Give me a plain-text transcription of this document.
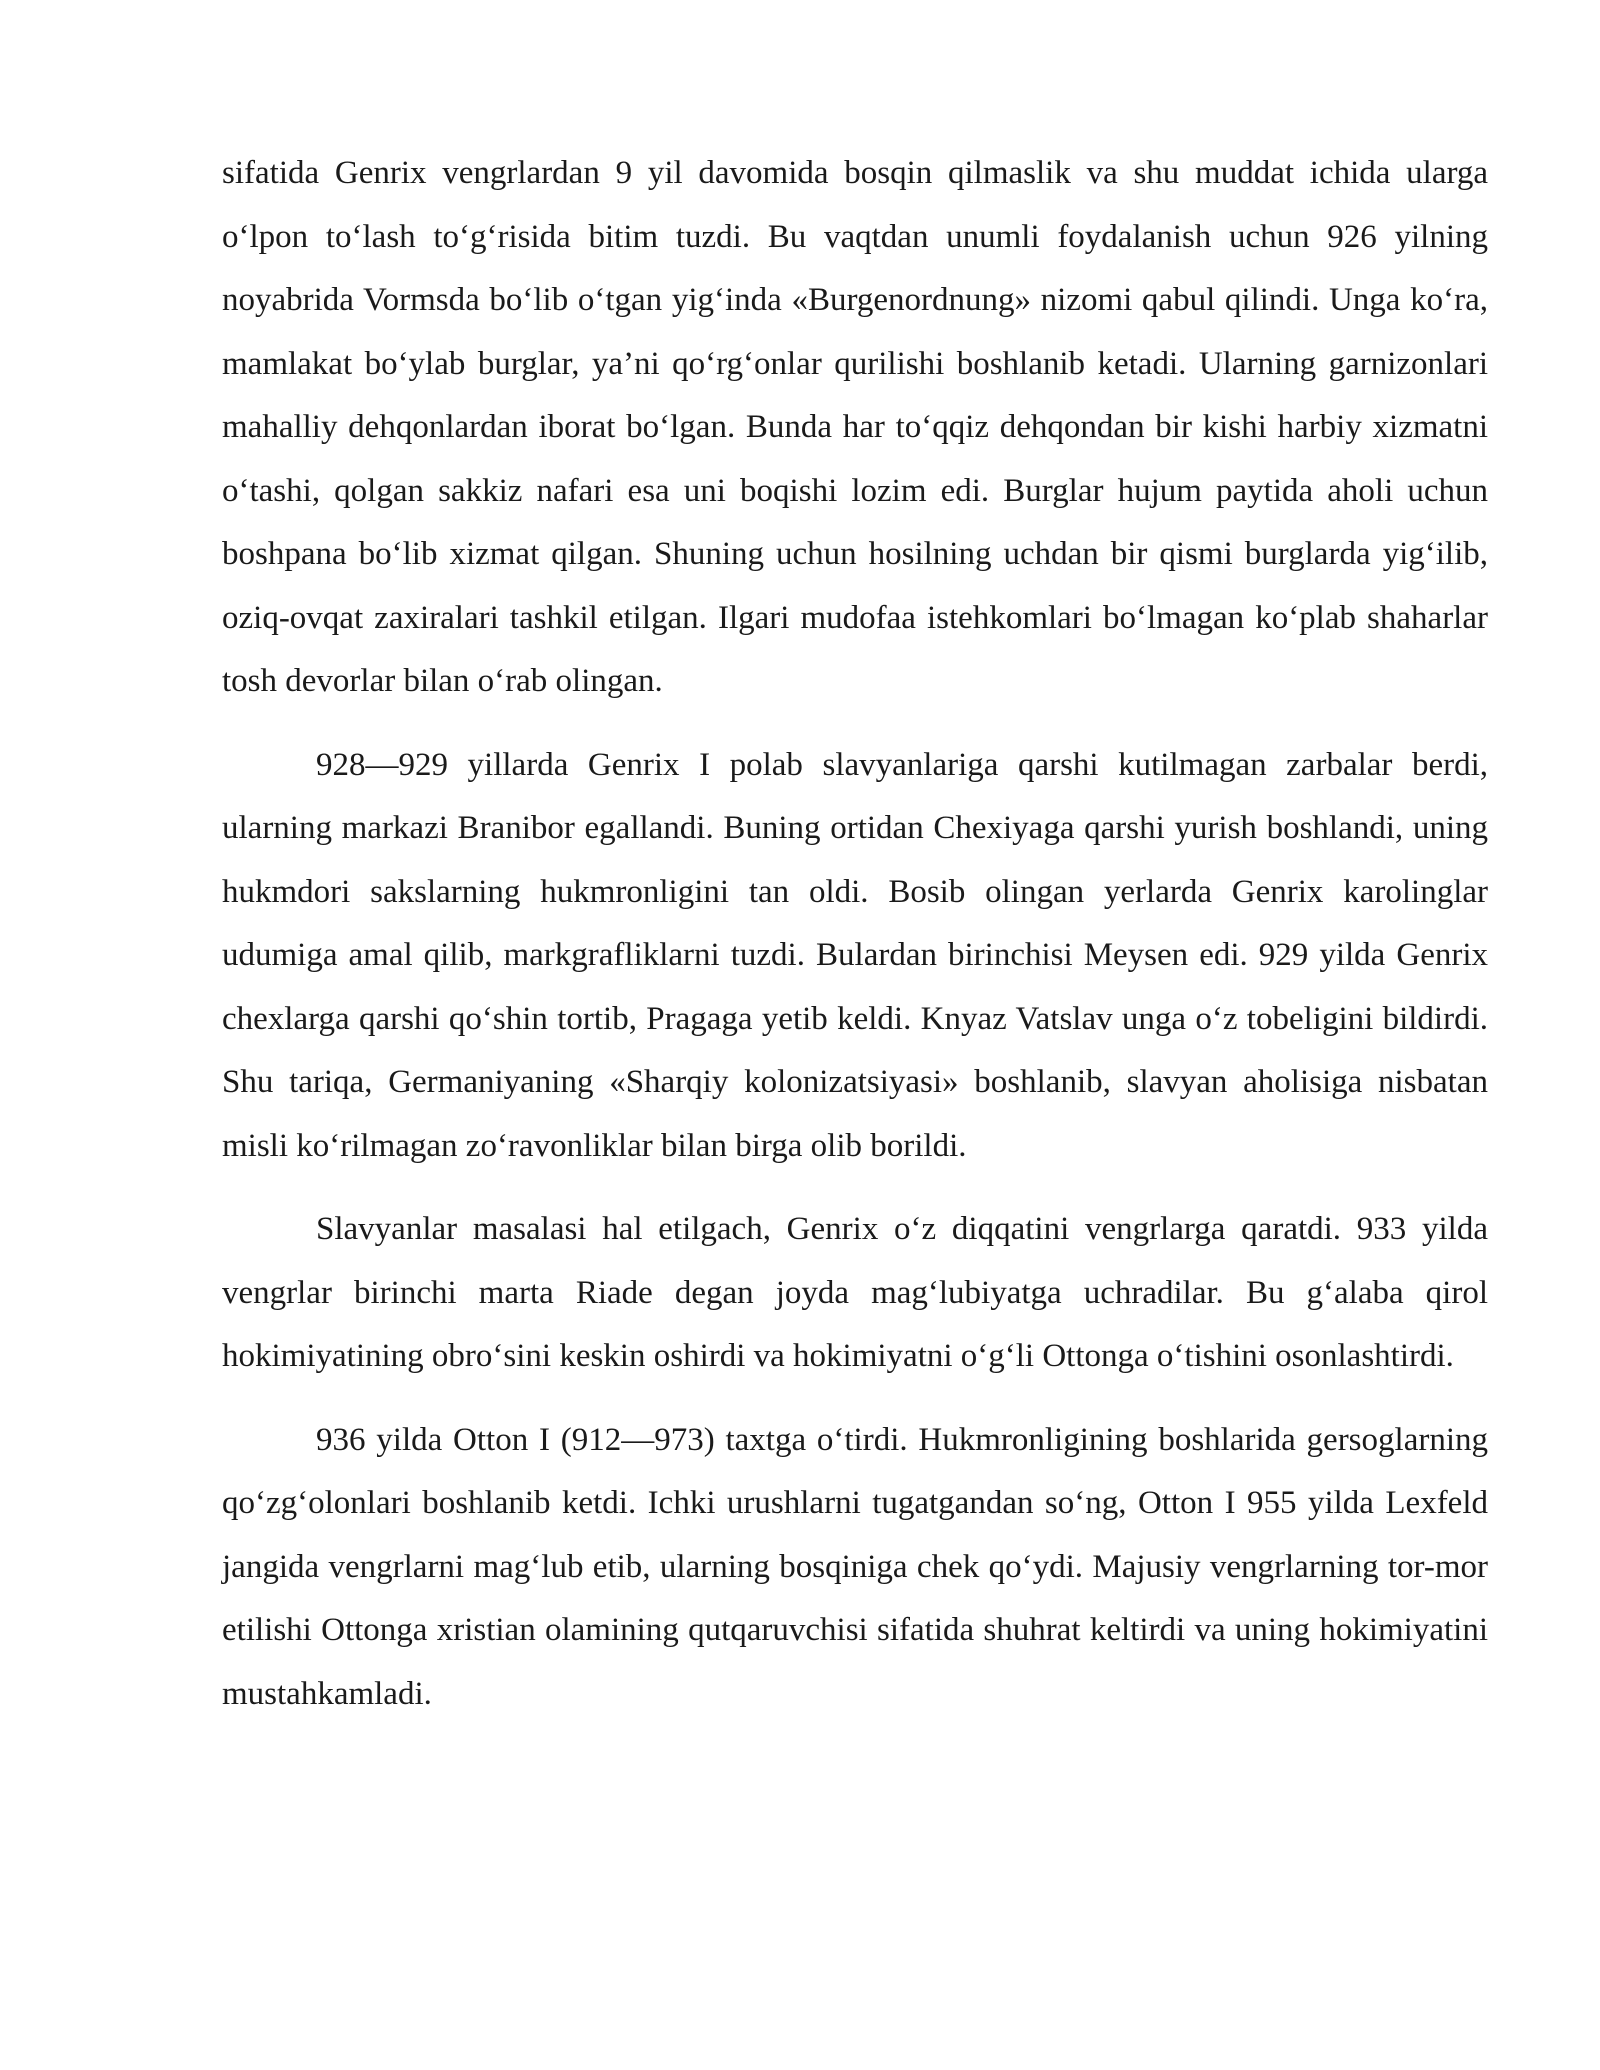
sifatida Genrix vengrlardan 9 yil davomida bosqin qilmaslik va shu muddat ichida ularga o‘lpon to‘lash to‘g‘risida bitim tuzdi. Bu vaqtdan unumli foydalanish uchun 926 yilning noyabrida Vormsda bo‘lib o‘tgan yig‘inda «Burgenordnung» nizomi qabul qilindi. Unga ko‘ra, mamlakat bo‘ylab burglar, ya’ni qo‘rg‘onlar qurilishi boshlanib ketadi. Ularning garnizonlari mahalliy dehqonlardan iborat bo‘lgan. Bunda har to‘qqiz dehqondan bir kishi harbiy xizmatni o‘tashi, qolgan sakkiz nafari esa uni boqishi lozim edi. Burglar hujum paytida aholi uchun boshpana bo‘lib xizmat qilgan. Shuning uchun hosilning uchdan bir qismi burglarda yig‘ilib, oziq-ovqat zaxiralari tashkil etilgan. Ilgari mudofaa istehkomlari bo‘lmagan ko‘plab shaharlar tosh devorlar bilan o‘rab olingan.

928—929 yillarda Genrix I polab slavyanlariga qarshi kutilmagan zarbalar berdi, ularning markazi Branibor egallandi. Buning ortidan Chexiyaga qarshi yurish boshlandi, uning hukmdori sakslarning hukmronligini tan oldi. Bosib olingan yerlarda Genrix karolinglar udumiga amal qilib, markgrafliklarni tuzdi. Bulardan birinchisi Meysen edi. 929 yilda Genrix chexlarga qarshi qo‘shin tortib, Pragaga yetib keldi. Knyaz Vatslav unga o‘z tobeligini bildirdi. Shu tariqa, Germaniyaning «Sharqiy kolonizatsiyasi» boshlanib, slavyan aholisiga nisbatan misli ko‘rilmagan zo‘ravonliklar bilan birga olib borildi.

Slavyanlar masalasi hal etilgach, Genrix o‘z diqqatini vengrlarga qaratdi. 933 yilda vengrlar birinchi marta Riade degan joyda mag‘lubiyatga uchradilar. Bu g‘alaba qirol hokimiyatining obro‘sini keskin oshirdi va hokimiyatni o‘g‘li Ottonga o‘tishini osonlashtirdi.

936 yilda Otton I (912—973) taxtga o‘tirdi. Hukmronligining boshlarida gersoglarning qo‘zg‘olonlari boshlanib ketdi. Ichki urushlarni tugatgandan so‘ng, Otton I 955 yilda Lexfeld jangida vengrlarni mag‘lub etib, ularning bosqiniga chek qo‘ydi. Majusiy vengrlarning tor-mor etilishi Ottonga xristian olamining qutqaruvchisi sifatida shuhrat keltirdi va uning hokimiyatini mustahkamladi.
